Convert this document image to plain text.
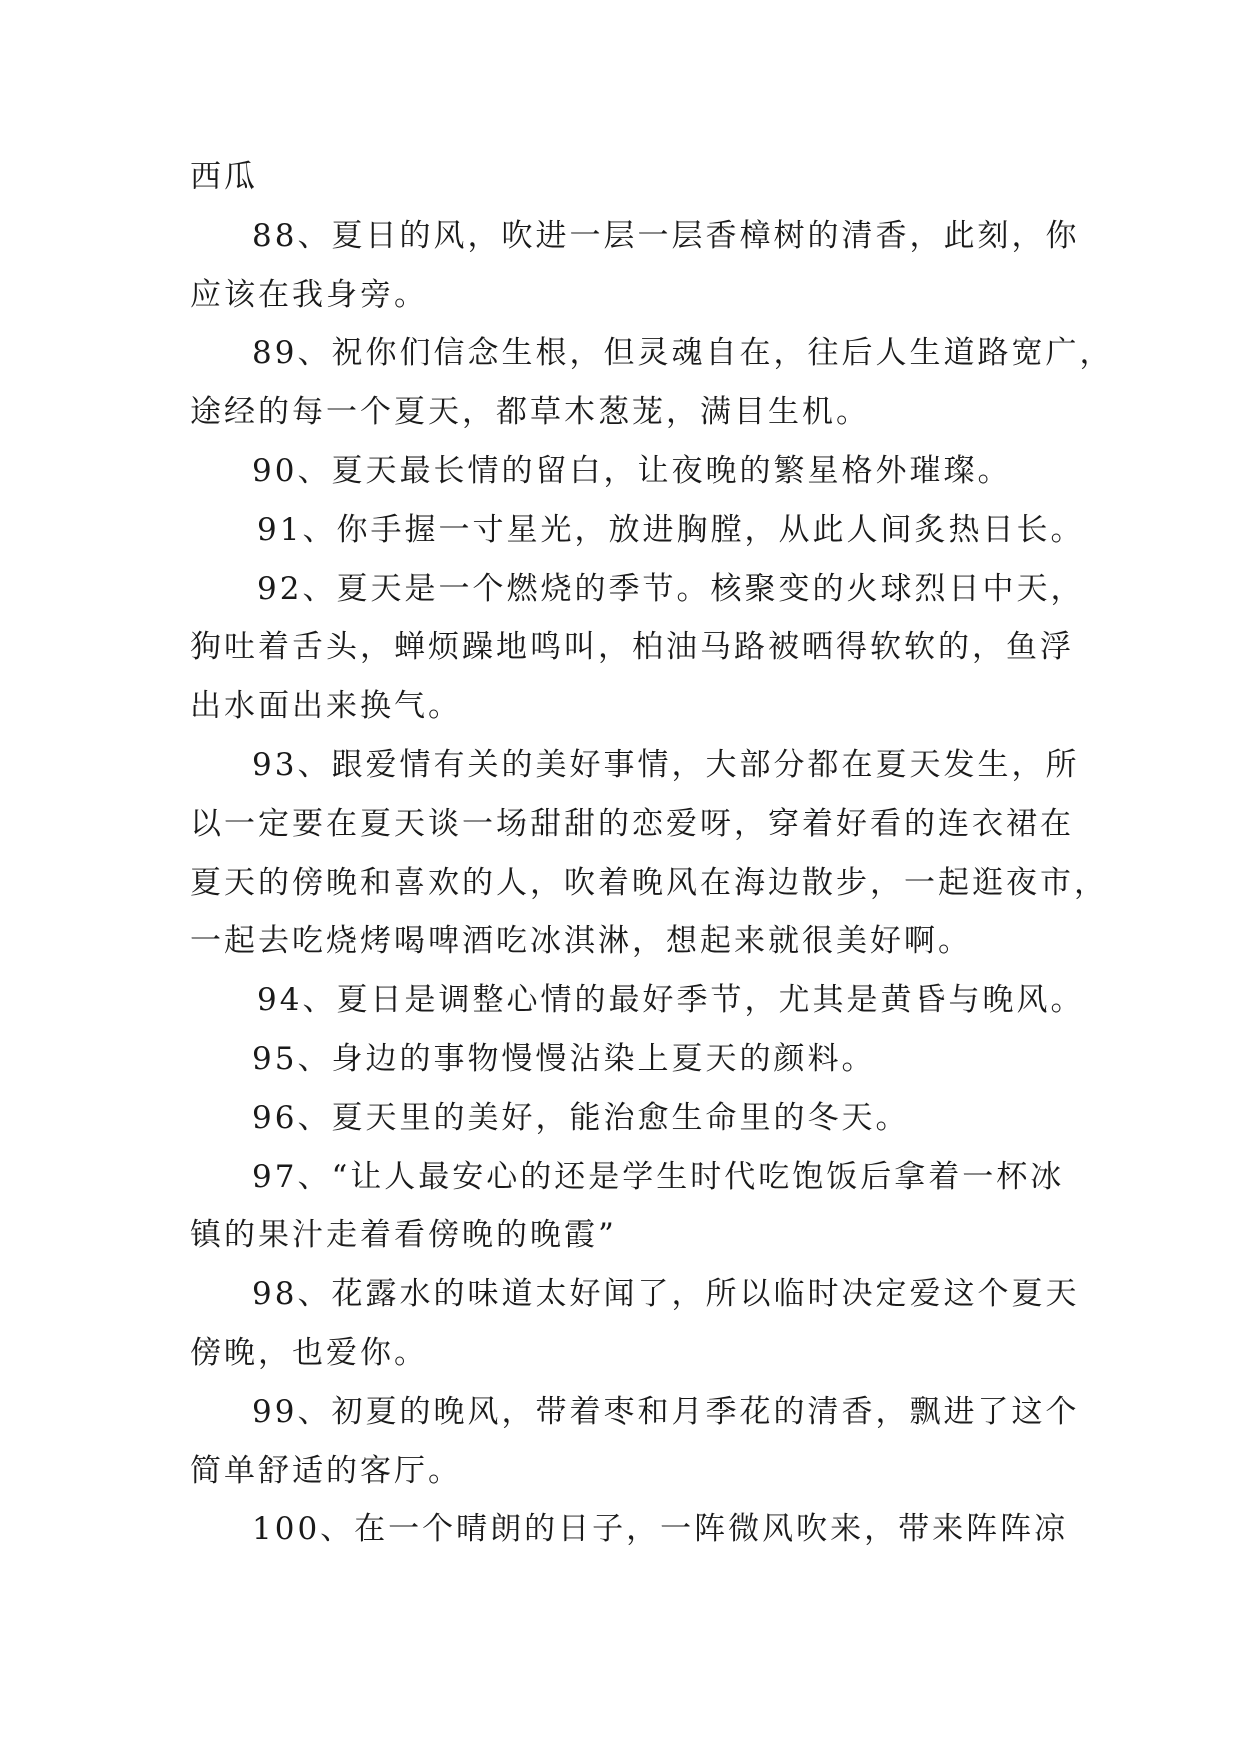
西瓜

88、夏日的风，吹进一层一层香樟树的清香，此刻，你

应该在我身旁。

89、祝你们信念生根，但灵魂自在，往后人生道路宽广，

途经的每一个夏天，都草木葱茏，满目生机。

90、夏天最长情的留白，让夜晚的繁星格外璀璨。

91、你手握一寸星光，放进胸膛，从此人间炙热日长。

92、夏天是一个燃烧的季节。核聚变的火球烈日中天，

狗吐着舌头，蝉烦躁地鸣叫，柏油马路被晒得软软的，鱼浮

出水面出来换气。

93、跟爱情有关的美好事情，大部分都在夏天发生，所

以一定要在夏天谈一场甜甜的恋爱呀，穿着好看的连衣裙在

夏天的傍晚和喜欢的人，吹着晚风在海边散步，一起逛夜市，

一起去吃烧烤喝啤酒吃冰淇淋，想起来就很美好啊。

94、夏日是调整心情的最好季节，尤其是黄昏与晚风。

95、身边的事物慢慢沾染上夏天的颜料。

96、夏天里的美好，能治愈生命里的冬天。

97、“让人最安心的还是学生时代吃饱饭后拿着一杯冰

镇的果汁走着看傍晚的晚霞”

98、花露水的味道太好闻了，所以临时决定爱这个夏天

傍晚，也爱你。

99、初夏的晚风，带着枣和月季花的清香，飘进了这个

简单舒适的客厅。

100、在一个晴朗的日子，一阵微风吹来，带来阵阵凉
